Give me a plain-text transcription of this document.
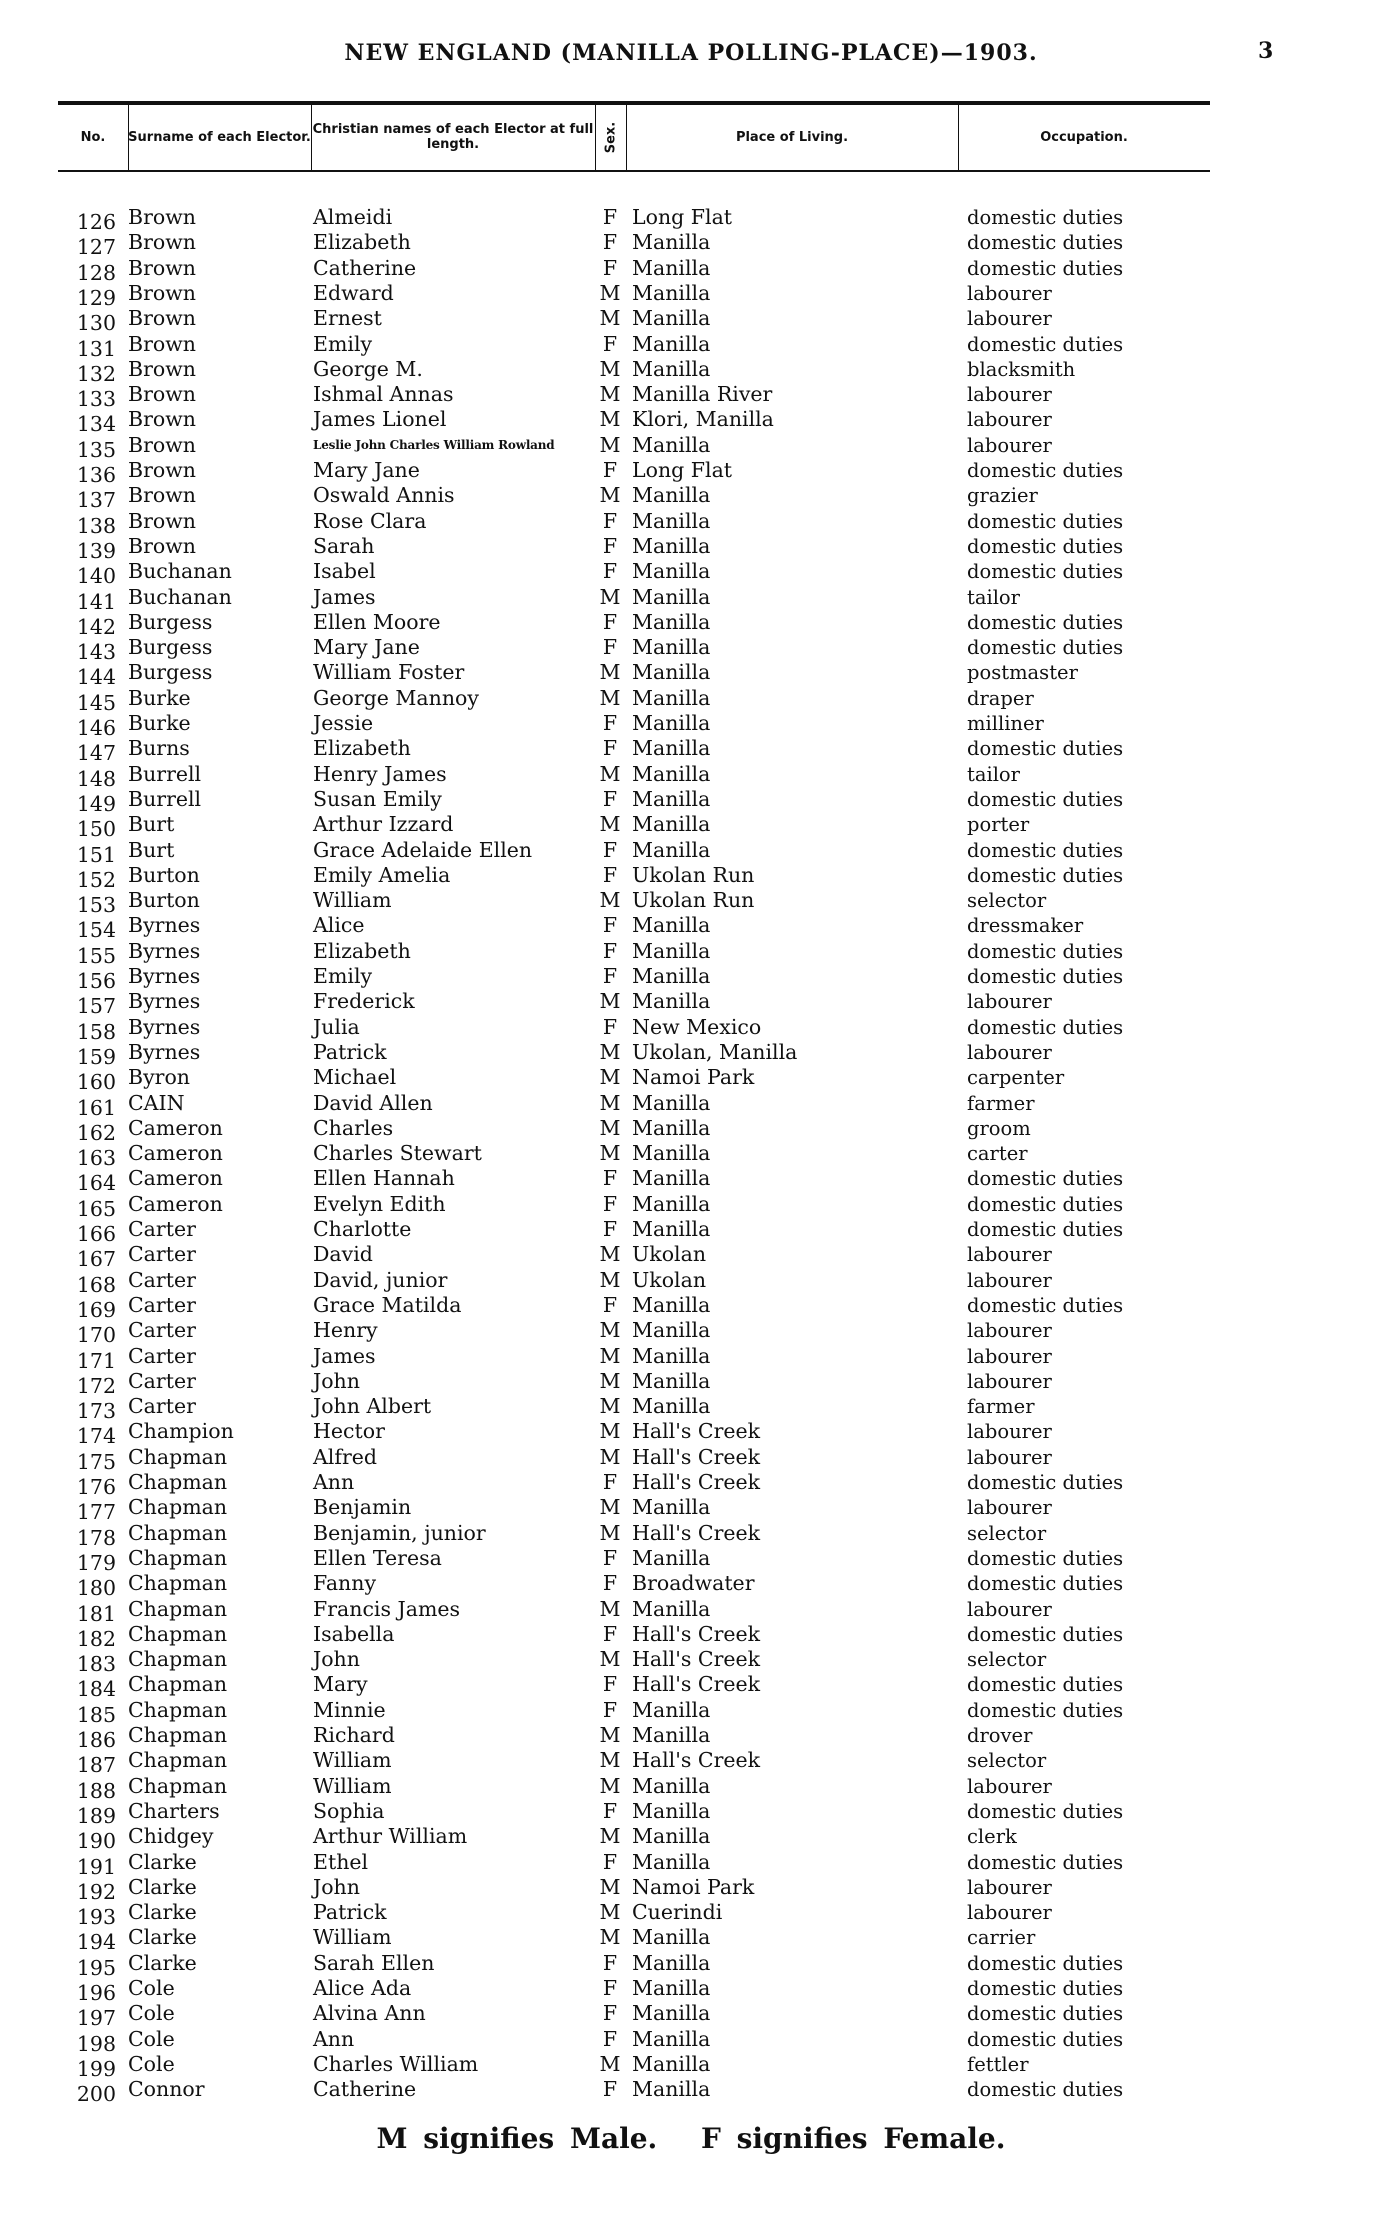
NEW ENGLAND (MANILLA POLLING-PLACE)—1903.	3
No.	Surname of each Elector. Christian names of each Elector at full length.	Sex.	Place of Living.	Occupation.
126 Brown	Almeidi	F Long Flat	domestic duties
127 Brown	Elizabeth	F Manilla	domestic duties
128 Brown	Catherine	F Manilla	domestic duties
129 Brown	Edward	M Manilla	labourer
130 Brown	Ernest	M Manilla	labourer
131 Brown	Emily	F Manilla	domestic duties
132 Brown	George M.	M Manilla	blacksmith
133 Brown	Ishmal Annas	M Manilla River	labourer
134 Brown	James Lionel	M Klori, Manilla	labourer
135 Brown	Leslie John Charles William Rowland M Manilla	labourer
136 Brown	Mary Jane	F Long Flat	domestic duties
137 Brown	Oswald Annis	M Manilla	grazier
138 Brown	Rose Clara	F Manilla	domestic duties
139 Brown	Sarah	F Manilla	domestic duties
140 Buchanan	Isabel	F Manilla	domestic duties
141 Buchanan	James	M Manilla	tailor
142 Burgess	Ellen Moore	F Manilla	domestic duties
143 Burgess	Mary Jane	F Manilla	domestic duties
144 Burgess	William Foster	M Manilla	postmaster
145 Burke	George Mannoy	M Manilla	draper
146 Burke	Jessie	F Manilla	milliner
147 Burns	Elizabeth	F Manilla	domestic duties
148 Burrell	Henry James	M Manilla	tailor
149 Burrell	Susan Emily	F Manilla	domestic duties
150 Burt	Arthur Izzard	M Manilla	porter
151 Burt	Grace Adelaide Ellen	F Manilla	domestic duties
152 Burton	Emily Amelia	F Ukolan Run	domestic duties
153 Burton	William	M Ukolan Run	selector
154 Byrnes	Alice	F Manilla	dressmaker
155 Byrnes	Elizabeth	F Manilla	domestic duties
156 Byrnes	Emily	F Manilla	domestic duties
157 Byrnes	Frederick	M Manilla	labourer
158 Byrnes	Julia	F New Mexico	domestic duties
159 Byrnes	Patrick	M Ukolan, Manilla	labourer
160 Byron	Michael	M Namoi Park	carpenter
161 CAIN	David Allen	M Manilla	farmer
162 Cameron	Charles	M Manilla	groom
163 Cameron	Charles Stewart	M Manilla	carter
164 Cameron	Ellen Hannah	F Manilla	domestic duties
165 Cameron	Evelyn Edith	F Manilla	domestic duties
166 Carter	Charlotte	F Manilla	domestic duties
167 Carter	David	M Ukolan	labourer
168 Carter	David, junior	M Ukolan	labourer
169 Carter	Grace Matilda	F Manilla	domestic duties
170 Carter	Henry	M Manilla	labourer
171 Carter	James	M Manilla	labourer
172 Carter	John	M Manilla	labourer
173 Carter	John Albert	M Manilla	farmer
174 Champion	Hector	M Hall's Creek	labourer
175 Chapman	Alfred	M Hall's Creek	labourer
176 Chapman	Ann	F Hall's Creek	domestic duties
177 Chapman	Benjamin	M Manilla	labourer
178 Chapman	Benjamin, junior	M Hall's Creek	selector
179 Chapman	Ellen Teresa	F Manilla	domestic duties
180 Chapman	Fanny	F Broadwater	domestic duties
181 Chapman	Francis James	M Manilla	labourer
182 Chapman	Isabella	F Hall's Creek	domestic duties
183 Chapman	John	M Hall's Creek	selector
184 Chapman	Mary	F Hall's Creek	domestic duties
185 Chapman	Minnie	F Manilla	domestic duties
186 Chapman	Richard	M Manilla	drover
187 Chapman	William	M Hall's Creek	selector
188 Chapman	William	M Manilla	labourer
189 Charters	Sophia	F Manilla	domestic duties
190 Chidgey	Arthur William	M Manilla	clerk
191 Clarke	Ethel	F Manilla	domestic duties
192 Clarke	John	M Namoi Park	labourer
193 Clarke	Patrick	M Cuerindi	labourer
194 Clarke	William	M Manilla	carrier
195 Clarke	Sarah Ellen	F Manilla	domestic duties
196 Cole	Alice Ada	F Manilla	domestic duties
197 Cole	Alvina Ann	F Manilla	domestic duties
198 Cole	Ann	F Manilla	domestic duties
199 Cole	Charles William	M Manilla	fettler
200 Connor	Catherine	F Manilla	domestic duties
M signifies Male. F signifies Female.
